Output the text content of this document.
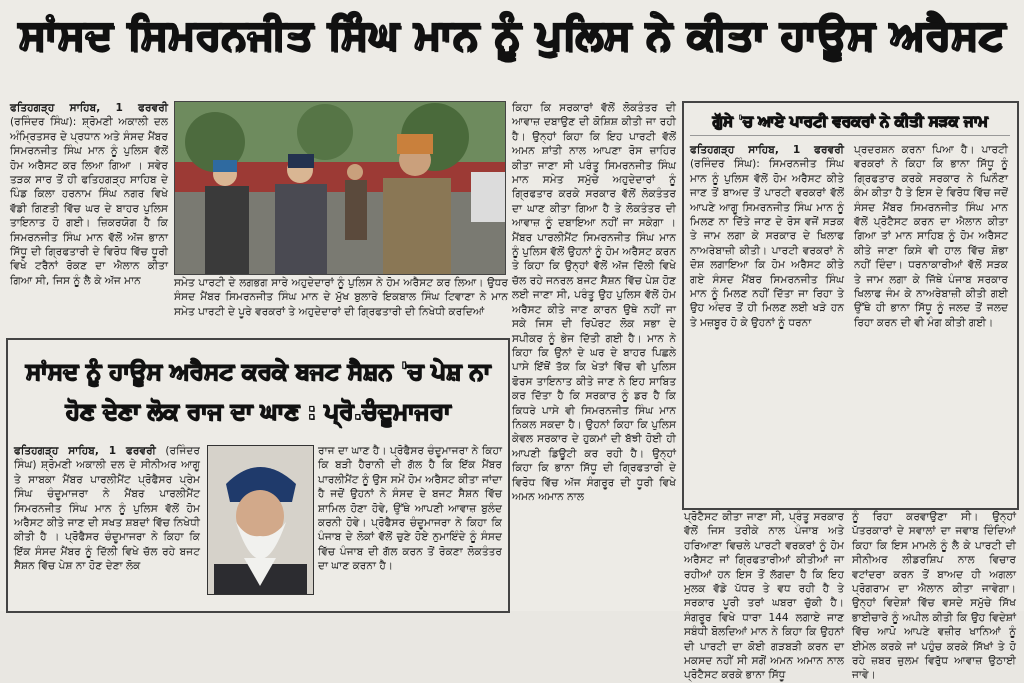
ਸਾਂਸਦ ਸਿਮਰਨਜੀਤ ਸਿੰਘ ਮਾਨ ਨੂੰ ਪੁਲਿਸ ਨੇ ਕੀਤਾ ਹਾਊਸ ਅਰੈਸਟ

ਫਤਿਹਗੜ੍ਹ ਸਾਹਿਬ, 1 ਫਰਵਰੀ (ਰਜਿੰਦਰ ਸਿੰਘ): ਸ਼੍ਰੋਮਣੀ ਅਕਾਲੀ ਦਲ ਅੰਮ੍ਰਿਤਸਰ ਦੇ ਪ੍ਰਧਾਨ ਅਤੇ ਸੰਸਦ ਮੈਂਬਰ ਸਿਮਰਨਜੀਤ ਸਿੰਘ ਮਾਨ ਨੂੰ ਪੁਲਿਸ ਵੱਲੋਂ ਹੋਮ ਅਰੈਸਟ ਕਰ ਲਿਆ ਗਿਆ । ਸਵੇਰ ਤੜਕ ਸਾਰ ਤੋਂ ਹੀ ਫਤਿਹਗੜ੍ਹ ਸਾਹਿਬ ਦੇ ਪਿੰਡ ਕਿਲਾ ਹਰਨਾਮ ਸਿੰਘ ਨਗਰ ਵਿਖੇ ਵੱਡੀ ਗਿਣਤੀ ਵਿੱਚ ਘਰ ਦੇ ਬਾਹਰ ਪੁਲਿਸ ਤਾਇਨਾਤ ਹੋ ਗਈ। ਜ਼ਿਕਰਯੋਗ ਹੈ ਕਿ ਸਿਮਰਨਜੀਤ ਸਿੰਘ ਮਾਨ ਵੱਲੋਂ ਅੱਜ ਭਾਨਾ ਸਿੱਧੂ ਦੀ ਗ੍ਰਿਫਤਾਰੀ ਦੇ ਵਿਰੋਧ ਵਿੱਚ ਧੂਰੀ ਵਿਖੇ ਟਰੈਨਾਂ ਰੋਕਣ ਦਾ ਐਲਾਨ ਕੀਤਾ ਗਿਆ ਸੀ, ਜਿਸ ਨੂੰ ਲੈ ਕੇ ਅੱਜ ਮਾਨ	ਸਮੇਤ ਪਾਰਟੀ ਦੇ ਲਗਭਗ ਸਾਰੇ ਅਹੁਦੇਦਾਰਾਂ ਨੂੰ ਪੁਲਿਸ ਨੇ ਹੋਮ ਅਰੈਸਟ ਕਰ ਲਿਆ। ਉਧਰ ਸੰਸਦ ਮੈਂਬਰ ਸਿਮਰਨਜੀਤ ਸਿੰਘ ਮਾਨ ਦੇ ਮੁੱਖ ਬੁਲਾਰੇ ਇਕਬਾਲ ਸਿੰਘ ਟਿਵਾਣਾ ਨੇ ਮਾਨ ਸਮੇਤ ਪਾਰਟੀ ਦੇ ਪੂਰੇ ਵਰਕਰਾਂ ਤੇ ਅਹੁਦੇਦਾਰਾਂ ਦੀ ਗ੍ਰਿਫਤਾਰੀ ਦੀ ਨਿਖੇਧੀ ਕਰਦਿਆਂ

ਕਿਹਾ ਕਿ ਸਰਕਾਰਾਂ ਵੱਲੋਂ ਲੋਕਤੰਤਰ ਦੀ ਆਵਾਜ਼ ਦਬਾਉਣ ਦੀ ਕੋਸ਼ਿਸ਼ ਕੀਤੀ ਜਾ ਰਹੀ ਹੈ। ਉਨ੍ਹਾਂ ਕਿਹਾ ਕਿ ਇਹ ਪਾਰਟੀ ਵੱਲੋਂ ਅਮਨ ਸ਼ਾਂਤੀ ਨਾਲ ਆਪਣਾ ਰੋਸ ਜ਼ਾਹਿਰ ਕੀਤਾ ਜਾਣਾ ਸੀ ਪਰੰਤੂ ਸਿਮਰਨਜੀਤ ਸਿੰਘ ਮਾਨ ਸਮੇਤ ਸਮੁੱਚੇ ਅਹੁਦੇਦਾਰਾਂ ਨੂੰ ਗ੍ਰਿਫਤਾਰ ਕਰਕੇ ਸਰਕਾਰ ਵੱਲੋਂ ਲੋਕਤੰਤਰ ਦਾ ਘਾਣ ਕੀਤਾ ਗਿਆ ਹੈ ਤੇ ਲੋਕਤੰਤਰ ਦੀ ਆਵਾਜ਼ ਨੂੰ ਦਬਾਇਆ ਨਹੀਂ ਜਾ ਸਕੇਗਾ । ਮੈਂਬਰ ਪਾਰਲੀਮੈਂਟ ਸਿਮਰਨਜੀਤ ਸਿੰਘ ਮਾਨ ਨੂੰ ਪੁਲਿਸ ਵੱਲੋਂ ਉਹਨਾਂ ਨੂੰ ਹੋਮ ਅਰੈਸਟ ਕਰਨ ਤੇ ਕਿਹਾ ਕਿ ਉਨ੍ਹਾਂ ਵੱਲੋਂ ਅੱਜ ਦਿੱਲੀ ਵਿਖੇ ਚੱਲ ਰਹੇ ਜਨਰਲ ਬਜਟ ਸੈਸ਼ਨ ਵਿੱਚ ਪੇਸ਼ ਹੋਣ ਲਈ ਜਾਣਾ ਸੀ, ਪਰੰਤੂ ਉਹ ਪੁਲਿਸ ਵੱਲੋਂ ਹੋਮ ਅਰੈਸਟ ਕੀਤੇ ਜਾਣ ਕਾਰਨ ਉਥੇ ਨਹੀਂ ਜਾ ਸਕੇ ਜਿਸ ਦੀ ਰਿਪੋਰਟ ਲੋਕ ਸਭਾ ਦੇ ਸਪੀਕਰ ਨੂੰ ਭੇਜ ਦਿੱਤੀ ਗਈ ਹੈ। ਮਾਨ ਨੇ ਕਿਹਾ ਕਿ ਉਨਾਂ ਦੇ ਘਰ ਦੇ ਬਾਹਰ ਪਿਛਲੇ ਪਾਸੇ ਇੱਥੋਂ ਤੱਕ ਕਿ ਖੇਤਾਂ ਵਿੱਚ ਵੀ ਪੁਲਿਸ ਫੋਰਸ ਤਾਇਨਾਤ ਕੀਤੇ ਜਾਣ ਨੇ ਇਹ ਸਾਬਿਤ ਕਰ ਦਿੱਤਾ ਹੈ ਕਿ ਸਰਕਾਰ ਨੂੰ ਡਰ ਹੈ ਕਿ ਕਿਧਰੇ ਪਾਸੇ ਵੀ ਸਿਮਰਨਜੀਤ ਸਿੰਘ ਮਾਨ ਨਿਕਲ ਸਕਦਾ ਹੈ। ਉਹਨਾਂ ਕਿਹਾ ਕਿ ਪੁਲਿਸ ਕੇਵਲ ਸਰਕਾਰ ਦੇ ਹੁਕਮਾਂ ਦੀ ਬੱਝੀ ਹੋਈ ਹੀ ਆਪਣੀ ਡਿਊਟੀ ਕਰ ਰਹੀ ਹੈ। ਉਨ੍ਹਾਂ ਕਿਹਾ ਕਿ ਭਾਨਾ ਸਿੱਧੂ ਦੀ ਗ੍ਰਿਫਤਾਰੀ ਦੇ ਵਿਰੋਧ ਵਿੱਚ ਅੱਜ ਸੰਗਰੂਰ ਦੀ ਧੂਰੀ ਵਿਖੇ ਅਮਨ ਅਮਾਨ ਨਾਲ

ਗੁੱਸੇ 'ਚ ਆਏ ਪਾਰਟੀ ਵਰਕਰਾਂ ਨੇ ਕੀਤੀ ਸੜਕ ਜਾਮ

ਫਤਿਹਗੜ੍ਹ ਸਾਹਿਬ, 1 ਫਰਵਰੀ (ਰਜਿੰਦਰ ਸਿੰਘ): ਸਿਮਰਨਜੀਤ ਸਿੰਘ ਮਾਨ ਨੂੰ ਪੁਲਿਸ ਵੱਲੋਂ ਹੋਮ ਅਰੈਸਟ ਕੀਤੇ ਜਾਣ ਤੋਂ ਬਾਅਦ ਤੋਂ ਪਾਰਟੀ ਵਰਕਰਾਂ ਵੱਲੋਂ ਆਪਣੇ ਆਗੂ ਸਿਮਰਨਜੀਤ ਸਿੰਘ ਮਾਨ ਨੂੰ ਮਿਲਣ ਨਾ ਦਿੱਤੇ ਜਾਣ ਦੇ ਰੋਸ ਵਜੋਂ ਸੜਕ ਤੇ ਜਾਮ ਲਗਾ ਕੇ ਸਰਕਾਰ ਦੇ ਖਿਲਾਫ ਨਾਅਰੇਬਾਜ਼ੀ ਕੀਤੀ। ਪਾਰਟੀ ਵਰਕਰਾਂ ਨੇ ਦੋਸ਼ ਲਗਾਇਆ ਕਿ ਹੋਮ ਅਰੈਸਟ ਕੀਤੇ ਗਏ ਸੰਸਦ ਮੈਂਬਰ ਸਿਮਰਨਜੀਤ ਸਿੰਘ ਮਾਨ ਨੂੰ ਮਿਲਣ ਨਹੀਂ ਦਿੱਤਾ ਜਾ ਰਿਹਾ ਤੇ ਉਹ ਅੰਦਰ ਤੋਂ ਹੀ ਮਿਲਣ ਲਈ ਖੜੇ ਹਨ ਤੇ ਮਜ਼ਬੂਰ ਹੋ ਕੇ ਉਹਨਾਂ ਨੂੰ ਧਰਨਾ

ਪ੍ਰਦਰਸ਼ਨ ਕਰਨਾ ਪਿਆ ਹੈ। ਪਾਰਟੀ ਵਰਕਰਾਂ ਨੇ ਕਿਹਾ ਕਿ ਭਾਨਾ ਸਿੱਧੂ ਨੂੰ ਗ੍ਰਿਫਤਾਰ ਕਰਕੇ ਸਰਕਾਰ ਨੇ ਘਿਨੌਣਾ ਕੰਮ ਕੀਤਾ ਹੈ ਤੇ ਇਸ ਦੇ ਵਿਰੋਧ ਵਿੱਚ ਜਦੋਂ ਸੰਸਦ ਮੈਂਬਰ ਸਿਮਰਨਜੀਤ ਸਿੰਘ ਮਾਨ ਵੱਲੋਂ ਪ੍ਰੋਟੈਸਟ ਕਰਨ ਦਾ ਐਲਾਨ ਕੀਤਾ ਗਿਆ ਤਾਂ ਮਾਨ ਸਾਹਿਬ ਨੂੰ ਹੋਮ ਅਰੈਸਟ ਕੀਤੇ ਜਾਣਾ ਕਿਸੇ ਵੀ ਹਾਲ ਵਿੱਚ ਸ਼ੋਭਾ ਨਹੀਂ ਦਿੰਦਾ। ਧਰਨਾਕਾਰੀਆਂ ਵੱਲੋਂ ਸੜਕ ਤੇ ਜਾਮ ਲਗਾ ਕੇ ਜਿੱਥੇ ਪੰਜਾਬ ਸਰਕਾਰ ਖਿਲਾਫ ਜੰਮ ਕੇ ਨਾਅਰੇਬਾਜ਼ੀ ਕੀਤੀ ਗਈ ਉੱਥੇ ਹੀ ਭਾਨਾ ਸਿੱਧੂ ਨੂੰ ਜਲਦ ਤੋਂ ਜਲਦ ਰਿਹਾ ਕਰਨ ਦੀ ਵੀ ਮੰਗ ਕੀਤੀ ਗਈ।

ਪ੍ਰੋਟੈਸਟ ਕੀਤਾ ਜਾਣਾ ਸੀ, ਪ੍ਰੰਤੂ ਸਰਕਾਰ ਵੱਲੋਂ ਜਿਸ ਤਰੀਕੇ ਨਾਲ ਪੰਜਾਬ ਅਤੇ ਹਰਿਆਣਾ ਵਿਚਲੇ ਪਾਰਟੀ ਵਰਕਰਾਂ ਨੂੰ ਹੋਮ ਅਰੈਸਟ ਜਾਂ ਗ੍ਰਿਫਤਾਰੀਆਂ ਕੀਤੀਆਂ ਜਾ ਰਹੀਆਂ ਹਨ ਇਸ ਤੋਂ ਲੱਗਦਾ ਹੈ ਕਿ ਇਹ ਮੁਲਕ ਵੱਡੇ ਪੱਧਰ ਤੇ ਵਧ ਰਹੀ ਹੈ ਤੇ ਸਰਕਾਰ ਪੂਰੀ ਤਰਾਂ ਘਬਰਾ ਚੁੱਕੀ ਹੈ। ਸੰਗਰੂਰ ਵਿਖੇ ਧਾਰਾ 144 ਲਗਾਏ ਜਾਣ ਸਬੰਧੀ ਬੋਲਦਿਆਂ ਮਾਨ ਨੇ ਕਿਹਾ ਕਿ ਉਹਨਾਂ ਦੀ ਪਾਰਟੀ ਦਾ ਕੋਈ ਗੜਬੜੀ ਕਰਨ ਦਾ ਮਕਸਦ ਨਹੀਂ ਸੀ ਸਗੋਂ ਅਮਨ ਅਮਾਨ ਨਾਲ ਪ੍ਰੋਟੈਸਟ ਕਰਕੇ ਭਾਨਾ ਸਿੱਧੂ

ਨੂੰ ਰਿਹਾ ਕਰਵਾਉਣਾ ਸੀ। ਉਨ੍ਹਾਂ ਪੱਤਰਕਾਰਾਂ ਦੇ ਸਵਾਲਾਂ ਦਾ ਜਵਾਬ ਦਿੰਦਿਆਂ ਕਿਹਾ ਕਿ ਇਸ ਮਾਮਲੇ ਨੂੰ ਲੈ ਕੇ ਪਾਰਟੀ ਦੀ ਸੀਨੀਅਰ ਲੀਡਰਸ਼ਿਪ ਨਾਲ ਵਿਚਾਰ ਵਟਾਂਦਰਾ ਕਰਨ ਤੋਂ ਬਾਅਦ ਹੀ ਅਗਲਾ ਪ੍ਰੋਗਰਾਮ ਦਾ ਐਲਾਨ ਕੀਤਾ ਜਾਵੇਗਾ। ਉਨ੍ਹਾਂ ਵਿਦੇਸ਼ਾਂ ਵਿੱਚ ਵਸਦੇ ਸਮੁੱਚੇ ਸਿੱਖ ਭਾਈਚਾਰੇ ਨੂੰ ਅਪੀਲ ਕੀਤੀ ਕਿ ਉਹ ਵਿਦੇਸ਼ਾਂ ਵਿੱਚ ਆਪੋ ਆਪਣੇ ਵਜ਼ੀਰ ਖਾਨਿਆਂ ਨੂੰ ਈਮੇਲ ਕਰਕੇ ਜਾਂ ਪਹੁੰਚ ਕਰਕੇ ਸਿੱਖਾਂ ਤੇ ਹੋ ਰਹੇ ਜ਼ਬਰ ਜ਼ੁਲਮ ਵਿਰੁੱਧ ਆਵਾਜ਼ ਉਠਾਈ ਜਾਵੇ।

ਸਾਂਸਦ ਨੂੰ ਹਾਊਸ ਅਰੈਸਟ ਕਰਕੇ ਬਜਟ ਸੈਸ਼ਨ 'ਚ ਪੇਸ਼ ਨਾ ਹੋਣ ਦੇਣਾ ਲੋਕ ਰਾਜ ਦਾ ਘਾਣ : ਪ੍ਰੋ.ਚੰਦੂਮਾਜਰਾ

ਫਤਿਹਗੜ੍ਹ ਸਾਹਿਬ, 1 ਫਰਵਰੀ (ਰਜਿੰਦਰ ਸਿੰਘ) ਸ਼੍ਰੋਮਣੀ ਅਕਾਲੀ ਦਲ ਦੇ ਸੀਨੀਅਰ ਆਗੂ ਤੇ ਸਾਬਕਾ ਮੈਂਬਰ ਪਾਰਲੀਮੈਂਟ ਪ੍ਰੋਫੈਸਰ ਪ੍ਰੇਮ ਸਿੰਘ ਚੰਦੂਮਾਜਰਾ ਨੇ ਮੈਂਬਰ ਪਾਰਲੀਮੈਂਟ ਸਿਮਰਨਜੀਤ ਸਿੰਘ ਮਾਨ ਨੂੰ ਪੁਲਿਸ ਵੱਲੋਂ ਹੋਮ ਅਰੈਸਟ ਕੀਤੇ ਜਾਣ ਦੀ ਸਖਤ ਸ਼ਬਦਾਂ ਵਿੱਚ ਨਿਖੇਧੀ ਕੀਤੀ ਹੈ । ਪ੍ਰੋਫੈਸਰ ਚੰਦੂਮਾਜਰਾ ਨੇ ਕਿਹਾ ਕਿ ਇੱਕ ਸੰਸਦ ਮੈਂਬਰ ਨੂੰ ਦਿੱਲੀ ਵਿਖੇ ਚੱਲ ਰਹੇ ਬਜਟ ਸੈਸ਼ਨ ਵਿੱਚ ਪੇਸ਼ ਨਾ ਹੋਣ ਦੇਣਾ ਲੋਕ

ਰਾਜ ਦਾ ਘਾਣ ਹੈ। ਪ੍ਰੋਫੈਸਰ ਚੰਦੂਮਾਜਰਾ ਨੇ ਕਿਹਾ ਕਿ ਬੜੀ ਹੈਰਾਨੀ ਦੀ ਗੱਲ ਹੈ ਕਿ ਇੱਕ ਮੈਂਬਰ ਪਾਰਲੀਮੈਂਟ ਨੂੰ ਉਸ ਸਮੇਂ ਹੋਮ ਅਰੈਸਟ ਕੀਤਾ ਜਾਂਦਾ ਹੈ ਜਦੋਂ ਉਹਨਾਂ ਨੇ ਸੰਸਦ ਦੇ ਬਜਟ ਸੈਸ਼ਨ ਵਿੱਚ ਸ਼ਾਮਿਲ ਹੋਣਾ ਹੋਵੇ, ਉੱਥੇ ਆਪਣੀ ਆਵਾਜ਼ ਬੁਲੰਦ ਕਰਨੀ ਹੋਵੇ। ਪ੍ਰੋਫੈਸਰ ਚੰਦੂਮਾਜਰਾ ਨੇ ਕਿਹਾ ਕਿ ਪੰਜਾਬ ਦੇ ਲੋਕਾਂ ਵੱਲੋਂ ਚੁਣੇ ਹੋਏ ਨੁਮਾਇੰਦੇ ਨੂੰ ਸੰਸਦ ਵਿੱਚ ਪੰਜਾਬ ਦੀ ਗੱਲ ਕਰਨ ਤੋਂ ਰੋਕਣਾ ਲੋਕਤੰਤਰ ਦਾ ਘਾਣ ਕਰਨਾ ਹੈ।
